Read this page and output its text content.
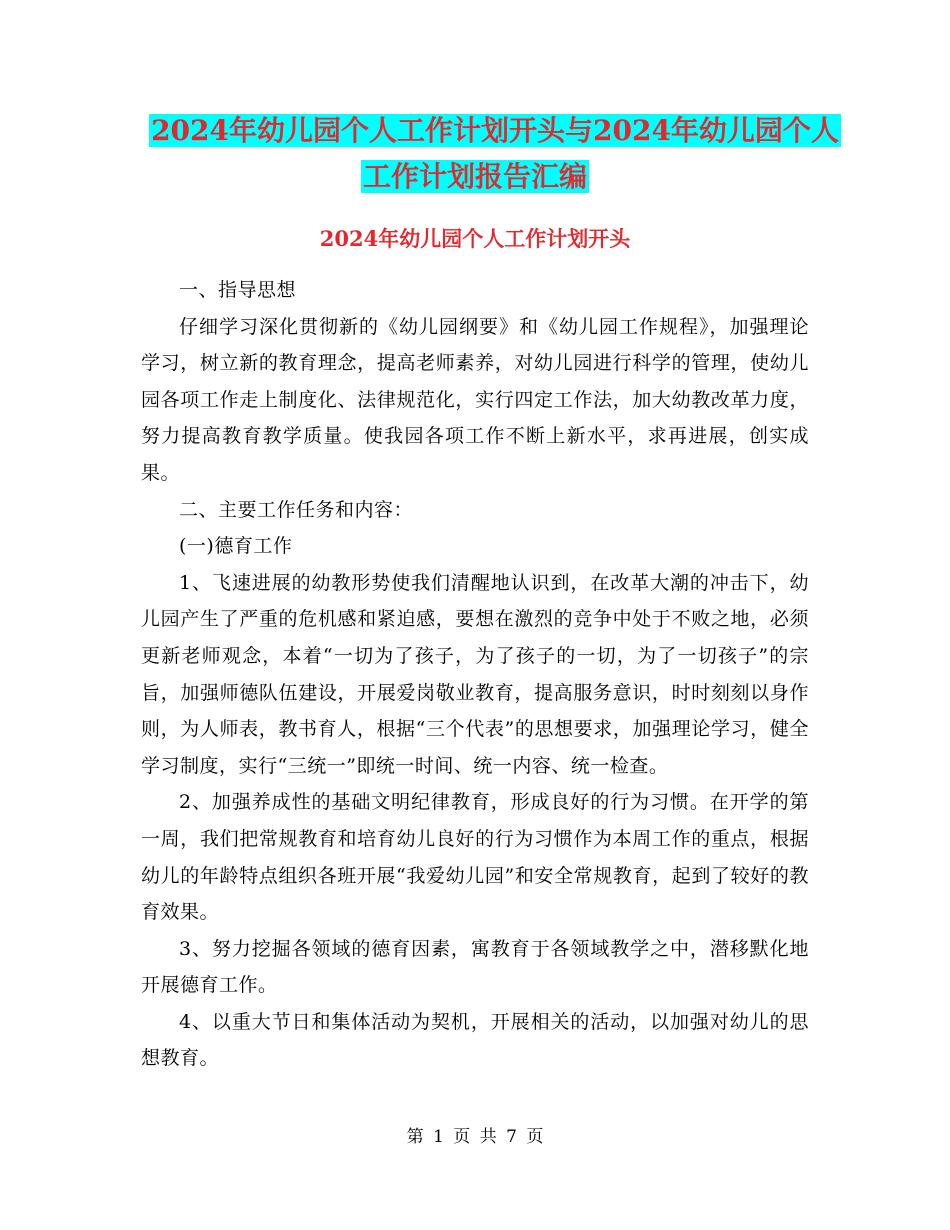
2024年幼儿园个人工作计划开头与2024年幼儿园个人
工作计划报告汇编
2024年幼儿园个人工作计划开头

一、指导思想

仔细学习深化贯彻新的《幼儿园纲要》和《幼儿园工作规程》，加强理论学习，树立新的教育理念，提高老师素养，对幼儿园进行科学的管理，使幼儿园各项工作走上制度化、法律规范化，实行四定工作法，加大幼教改革力度，努力提高教育教学质量。使我园各项工作不断上新水平，求再进展，创实成果。

二、主要工作任务和内容：

(一)德育工作

1、飞速进展的幼教形势使我们清醒地认识到，在改革大潮的冲击下，幼儿园产生了严重的危机感和紧迫感，要想在激烈的竞争中处于不败之地，必须更新老师观念，本着“一切为了孩子，为了孩子的一切，为了一切孩子”的宗旨，加强师德队伍建设，开展爱岗敬业教育，提高服务意识，时时刻刻以身作则，为人师表，教书育人，根据“三个代表”的思想要求，加强理论学习，健全学习制度，实行“三统一”即统一时间、统一内容、统一检查。

2、加强养成性的基础文明纪律教育，形成良好的行为习惯。在开学的第一周，我们把常规教育和培育幼儿良好的行为习惯作为本周工作的重点，根据幼儿的年龄特点组织各班开展“我爱幼儿园”和安全常规教育，起到了较好的教育效果。

3、努力挖掘各领域的德育因素，寓教育于各领域教学之中，潜移默化地开展德育工作。

4、以重大节日和集体活动为契机，开展相关的活动，以加强对幼儿的思想教育。

第 1 页 共 7 页
